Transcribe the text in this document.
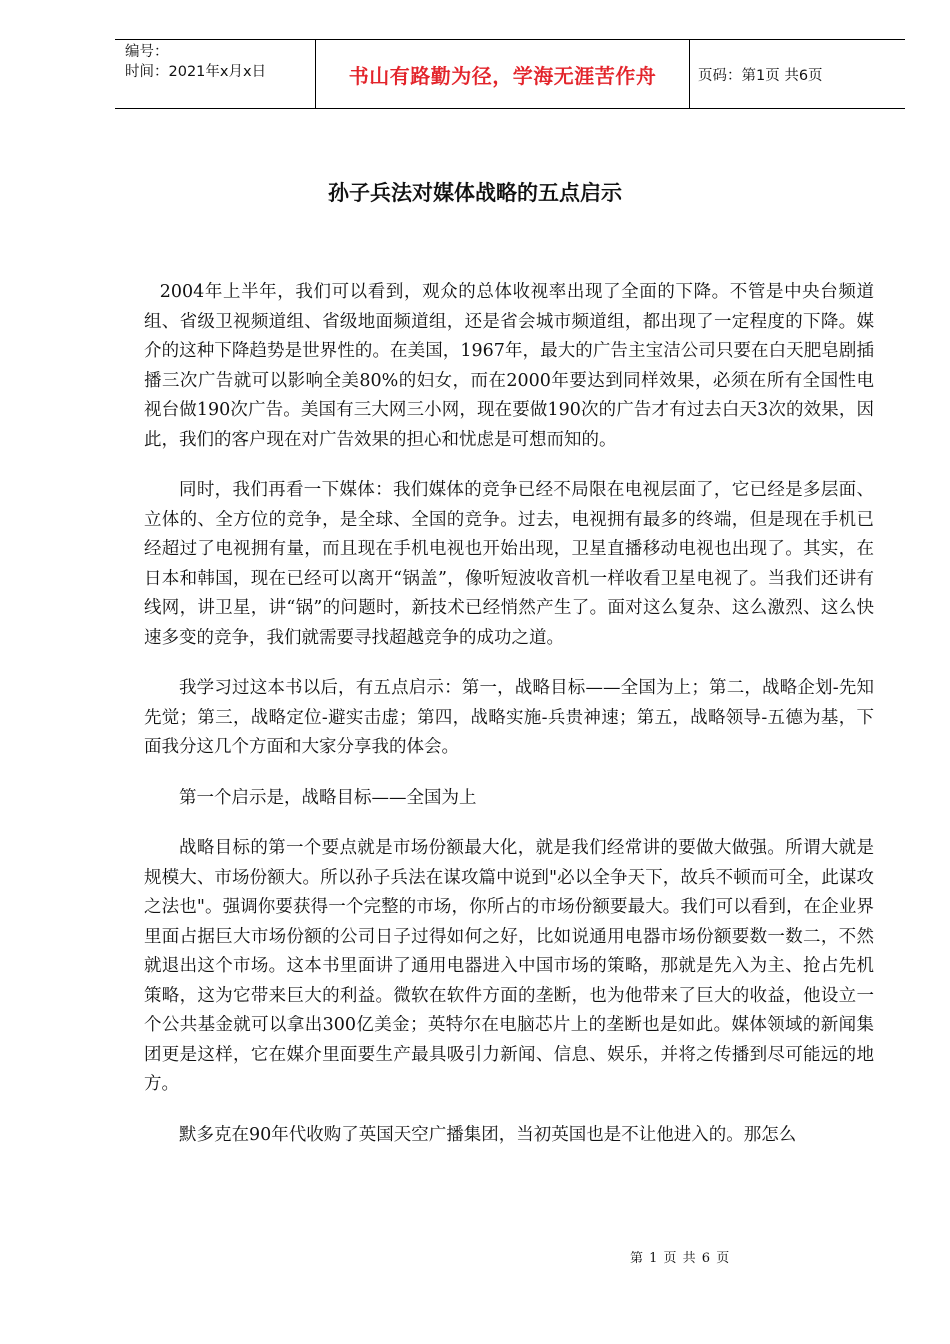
编号：
时间：2021年x月x日	书山有路勤为径，学海无涯苦作舟	页码：第1页 共6页
孙子兵法对媒体战略的五点启示

2004年上半年，我们可以看到，观众的总体收视率出现了全面的下降。不管是中央台频道组、省级卫视频道组、省级地面频道组，还是省会城市频道组，都出现了一定程度的下降。媒介的这种下降趋势是世界性的。在美国，1967年，最大的广告主宝洁公司只要在白天肥皂剧插播三次广告就可以影响全美80%的妇女，而在2000年要达到同样效果，必须在所有全国性电视台做190次广告。美国有三大网三小网，现在要做190次的广告才有过去白天3次的效果，因此，我们的客户现在对广告效果的担心和忧虑是可想而知的。

同时，我们再看一下媒体：我们媒体的竞争已经不局限在电视层面了，它已经是多层面、立体的、全方位的竞争，是全球、全国的竞争。过去，电视拥有最多的终端，但是现在手机已经超过了电视拥有量，而且现在手机电视也开始出现，卫星直播移动电视也出现了。其实，在日本和韩国，现在已经可以离开“锅盖”，像听短波收音机一样收看卫星电视了。当我们还讲有线网，讲卫星，讲“锅”的问题时，新技术已经悄然产生了。面对这么复杂、这么激烈、这么快速多变的竞争，我们就需要寻找超越竞争的成功之道。

我学习过这本书以后，有五点启示：第一，战略目标——全国为上；第二，战略企划-先知先觉；第三，战略定位-避实击虚；第四，战略实施-兵贵神速；第五，战略领导-五德为基，下面我分这几个方面和大家分享我的体会。

第一个启示是，战略目标——全国为上

战略目标的第一个要点就是市场份额最大化，就是我们经常讲的要做大做强。所谓大就是规模大、市场份额大。所以孙子兵法在谋攻篇中说到"必以全争天下，故兵不顿而可全，此谋攻之法也"。强调你要获得一个完整的市场，你所占的市场份额要最大。我们可以看到，在企业界里面占据巨大市场份额的公司日子过得如何之好，比如说通用电器市场份额要数一数二，不然就退出这个市场。这本书里面讲了通用电器进入中国市场的策略，那就是先入为主、抢占先机策略，这为它带来巨大的利益。微软在软件方面的垄断，也为他带来了巨大的收益，他设立一个公共基金就可以拿出300亿美金；英特尔在电脑芯片上的垄断也是如此。媒体领域的新闻集团更是这样，它在媒介里面要生产最具吸引力新闻、信息、娱乐，并将之传播到尽可能远的地方。

默多克在90年代收购了英国天空广播集团，当初英国也是不让他进入的。那怎么

第 1 页 共 6 页
